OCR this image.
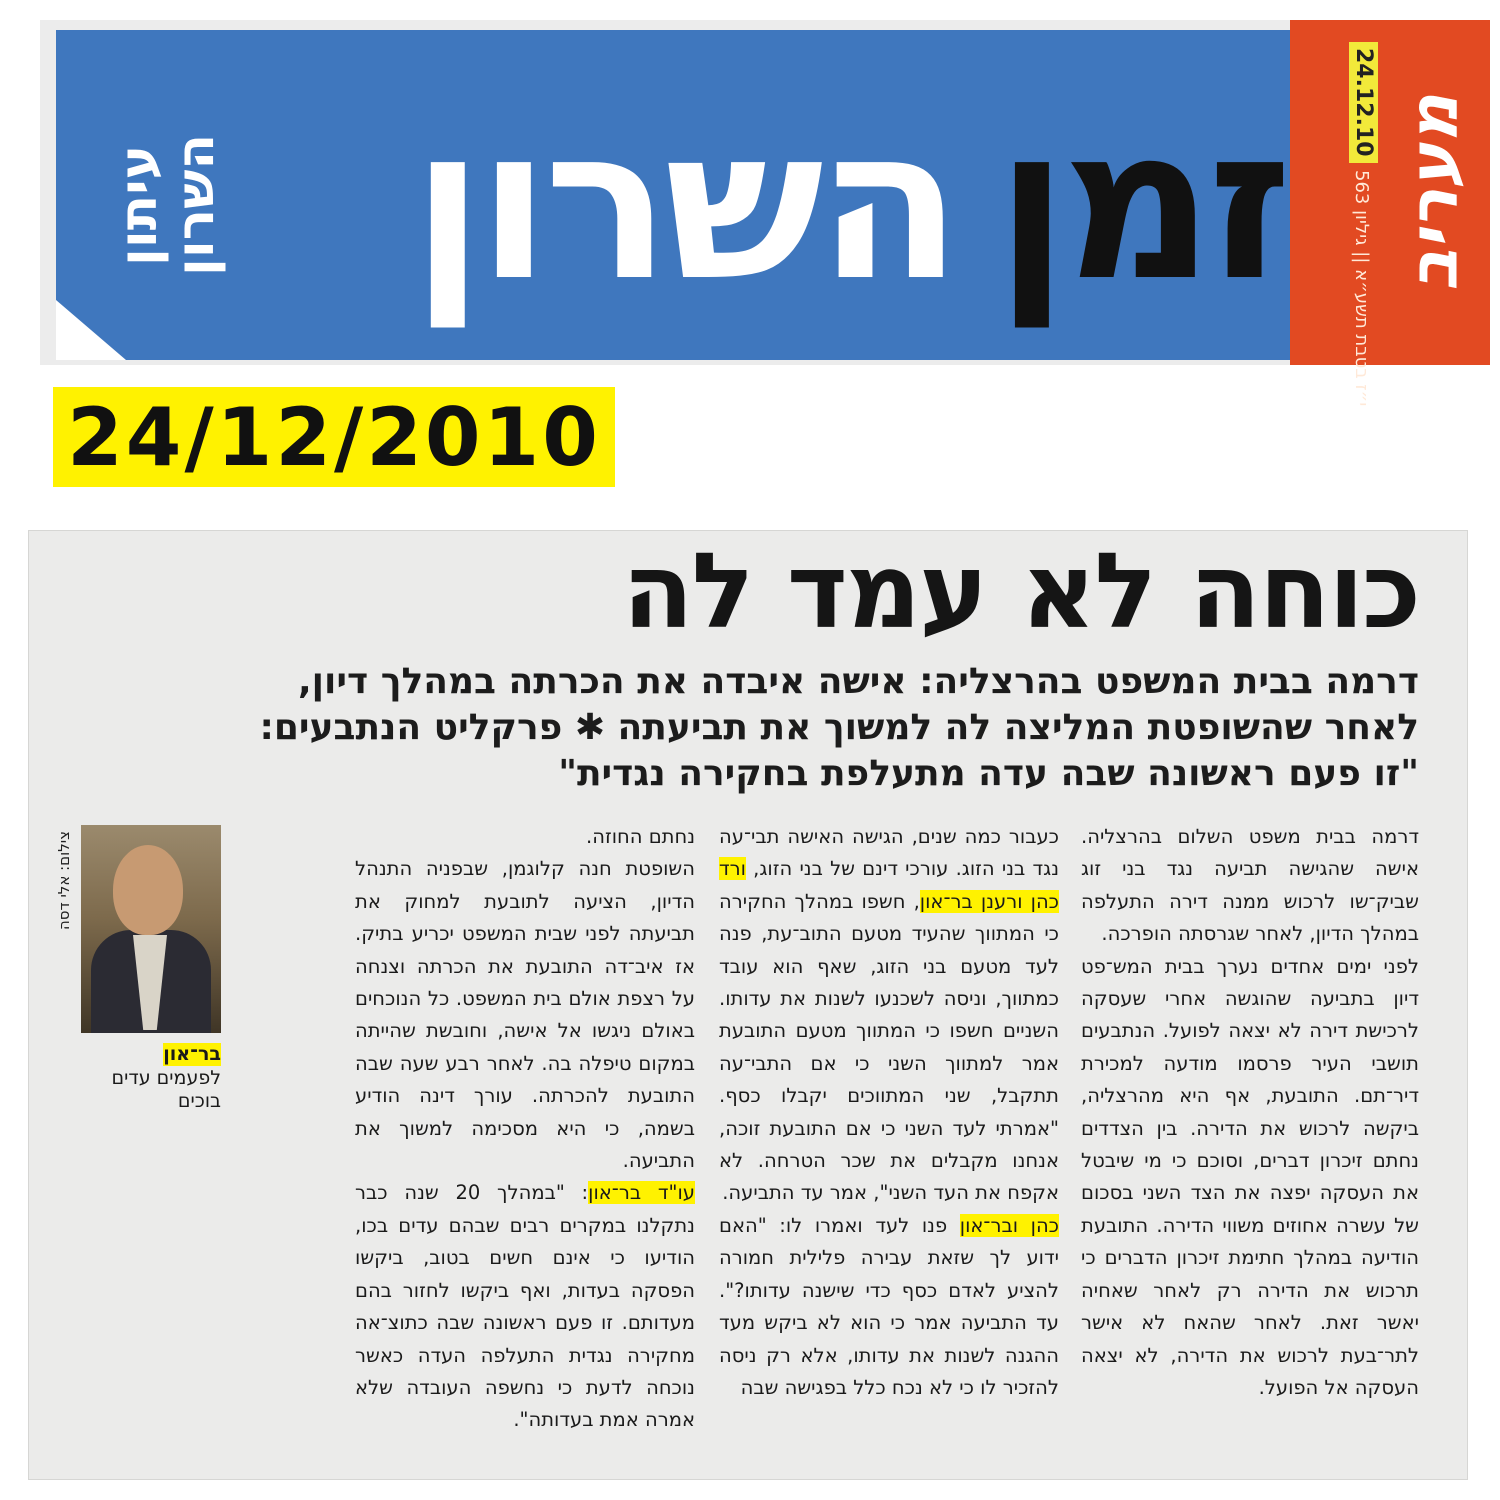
עיתון השרון השרון זמן מעריב
24.12.10
י״ז בטבת תשע״א || גיליון 563
24/12/2010
כוחה לא עמד לה
דרמה בבית המשפט בהרצליה: אישה איבדה את הכרתה במהלך דיון,
לאחר שהשופטת המליצה לה למשוך את תביעתה ✱ פרקליט הנתבעים:
"זו פעם ראשונה שבה עדה מתעלפת בחקירה נגדית"

דרמה בבית משפט השלום בהרצליה. אישה שהגישה תביעה נגד בני זוג שביק־שו לרכוש ממנה דירה התעלפה במהלך הדיון, לאחר שגרסתה הופרכה.

לפני ימים אחדים נערך בבית המש־פט דיון בתביעה שהוגשה אחרי שעסקה לרכישת דירה לא יצאה לפועל. הנתבעים תושבי העיר פרסמו מודעה למכירת דיר־תם. התובעת, אף היא מהרצליה, ביקשה לרכוש את הדירה. בין הצדדים נחתם זיכרון דברים, וסוכם כי מי שיבטל את העסקה יפצה את הצד השני בסכום של עשרה אחוזים משווי הדירה. התובעת הודיעה במהלך חתימת זיכרון הדברים כי תרכוש את הדירה רק לאחר שאחיה יאשר זאת. לאחר שהאח לא אישר לתר־בעת לרכוש את הדירה, לא יצאה העסקה אל הפועל.

כעבור כמה שנים, הגישה האישה תבי־עה נגד בני הזוג. עורכי דינם של בני הזוג, ורד כהן ורענן בר־און, חשפו במהלך החקירה כי המתווך שהעיד מטעם התוב־עת, פנה לעד מטעם בני הזוג, שאף הוא עובד כמתווך, וניסה לשכנעו לשנות את עדותו. השניים חשפו כי המתווך מטעם התובעת אמר למתווך השני כי אם התבי־עה תתקבל, שני המתווכים יקבלו כסף. "אמרתי לעד השני כי אם התובעת זוכה, אנחנו מקבלים את שכר הטרחה. לא אקפח את העד השני", אמר עד התביעה.

כהן ובר־און פנו לעד ואמרו לו: "האם ידוע לך שזאת עבירה פלילית חמורה להציע לאדם כסף כדי שישנה עדותו?". עד התביעה אמר כי הוא לא ביקש מעד ההגנה לשנות את עדותו, אלא רק ניסה להזכיר לו כי לא נכח כלל בפגישה שבה

נחתם החוזה.

השופטת חנה קלוגמן, שבפניה התנהל הדיון, הציעה לתובעת למחוק את תביעתה לפני שבית המשפט יכריע בתיק. אז איב־דה התובעת את הכרתה וצנחה על רצפת אולם בית המשפט. כל הנוכחים באולם ניגשו אל אישה, וחובשת שהייתה במקום טיפלה בה. לאחר רבע שעה שבה התובעת להכרתה. עורך דינה הודיע בשמה, כי היא מסכימה למשוך את התביעה.

עו"ד בר־און: "במהלך 20 שנה כבר נתקלנו במקרים רבים שבהם עדים בכו, הודיעו כי אינם חשים בטוב, ביקשו הפסקה בעדות, ואף ביקשו לחזור בהם מעדותם. זו פעם ראשונה שבה כתוצ־אה מחקירה נגדית התעלפה העדה כאשר נוכחה לדעת כי נחשפה העובדה שלא אמרה אמת בעדותה".

צילום: אלי דסה
בר־און
לפעמים עדים בוכים
